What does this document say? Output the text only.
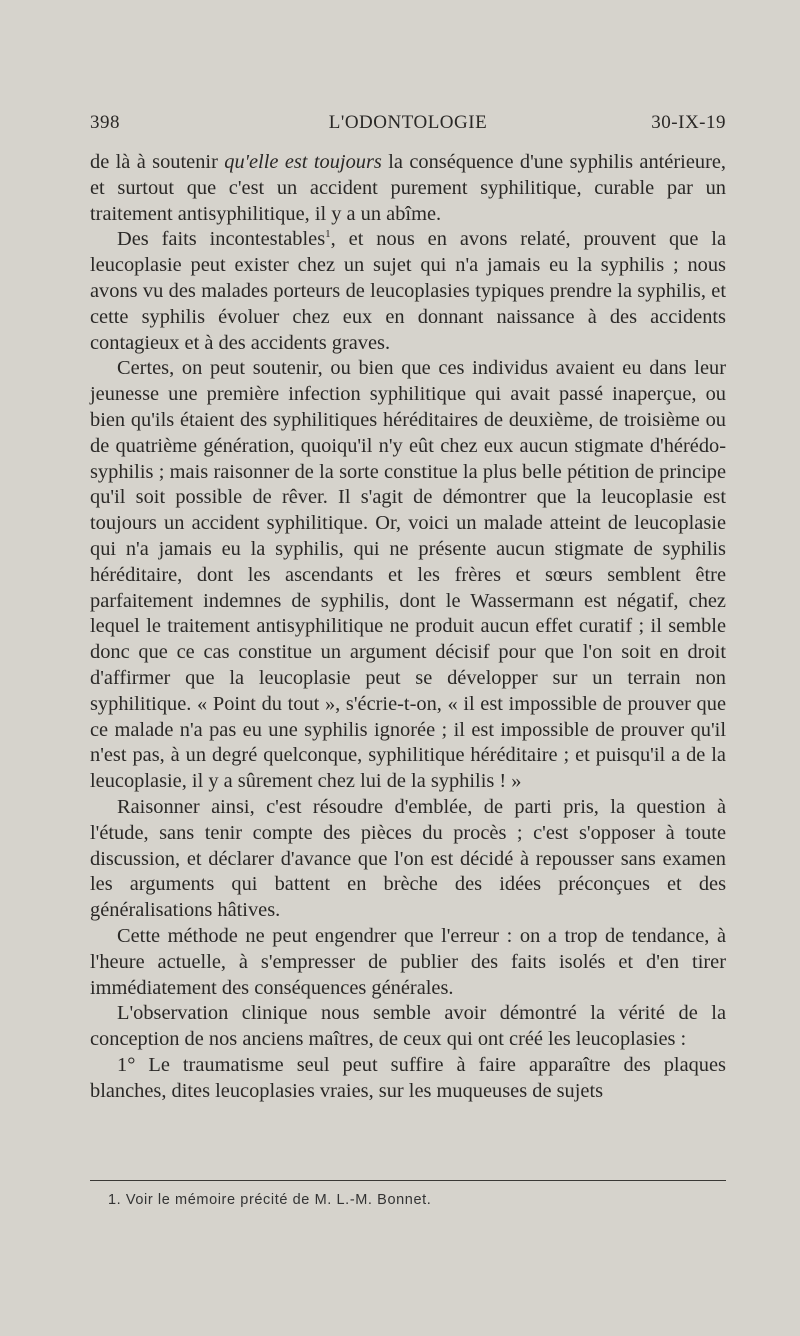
398	L'ODONTOLOGIE	30-IX-19

de là à soutenir qu'elle est toujours la conséquence d'une syphilis antérieure, et surtout que c'est un accident purement syphilitique, curable par un traitement antisyphilitique, il y a un abîme.

Des faits incontestables$^1$, et nous en avons relaté, prouvent que la leucoplasie peut exister chez un sujet qui n'a jamais eu la syphilis ; nous avons vu des malades porteurs de leucoplasies typiques prendre la syphilis, et cette syphilis évoluer chez eux en donnant naissance à des accidents contagieux et à des accidents graves.

Certes, on peut soutenir, ou bien que ces individus avaient eu dans leur jeunesse une première infection syphilitique qui avait passé inaperçue, ou bien qu'ils étaient des syphilitiques héréditaires de deuxième, de troisième ou de quatrième génération, quoiqu'il n'y eût chez eux aucun stigmate d'hérédo-syphilis ; mais raisonner de la sorte constitue la plus belle pétition de principe qu'il soit possible de rêver. Il s'agit de démontrer que la leucoplasie est toujours un accident syphilitique. Or, voici un malade atteint de leucoplasie qui n'a jamais eu la syphilis, qui ne présente aucun stigmate de syphilis héréditaire, dont les ascendants et les frères et sœurs semblent être parfaitement indemnes de syphilis, dont le Wassermann est négatif, chez lequel le traitement antisyphilitique ne produit aucun effet curatif ; il semble donc que ce cas constitue un argument décisif pour que l'on soit en droit d'affirmer que la leucoplasie peut se développer sur un terrain non syphilitique. « Point du tout », s'écrie-t-on, « il est impossible de prouver que ce malade n'a pas eu une syphilis ignorée ; il est impossible de prouver qu'il n'est pas, à un degré quelconque, syphilitique héréditaire ; et puisqu'il a de la leucoplasie, il y a sûrement chez lui de la syphilis ! »

Raisonner ainsi, c'est résoudre d'emblée, de parti pris, la question à l'étude, sans tenir compte des pièces du procès ; c'est s'opposer à toute discussion, et déclarer d'avance que l'on est décidé à repousser sans examen les arguments qui battent en brèche des idées préconçues et des généralisations hâtives.

Cette méthode ne peut engendrer que l'erreur : on a trop de tendance, à l'heure actuelle, à s'empresser de publier des faits isolés et d'en tirer immédiatement des conséquences générales.

L'observation clinique nous semble avoir démontré la vérité de la conception de nos anciens maîtres, de ceux qui ont créé les leucoplasies :

1° Le traumatisme seul peut suffire à faire apparaître des plaques blanches, dites leucoplasies vraies, sur les muqueuses de sujets

1. Voir le mémoire précité de M. L.-M. Bonnet.
